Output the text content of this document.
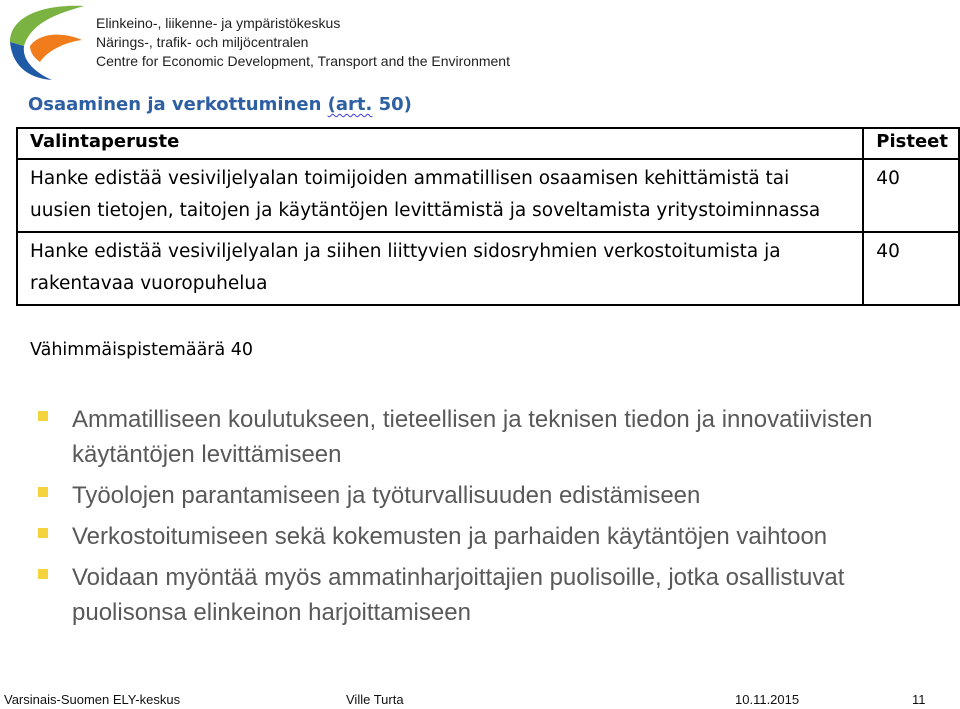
Elinkeino-, liikenne- ja ympäristökeskus
Närings-, trafik- och miljöcentralen
Centre for Economic Development, Transport and the Environment
Osaaminen ja verkottuminen (art. 50)
Valintaperuste	Pisteet
Hanke edistää vesiviljelyalan toimijoiden ammatillisen osaamisen kehittämistä tai uusien tietojen, taitojen ja käytäntöjen levittämistä ja soveltamista yritystoiminnassa	40
Hanke edistää vesiviljelyalan ja siihen liittyvien sidosryhmien verkostoitumista ja rakentavaa vuoropuhelua	40
Vähimmäispistemäärä 40
Ammatilliseen koulutukseen, tieteellisen ja teknisen tiedon ja innovatiivisten käytäntöjen levittämiseen
Työolojen parantamiseen ja työturvallisuuden edistämiseen
Verkostoitumiseen sekä kokemusten ja parhaiden käytäntöjen vaihtoon
Voidaan myöntää myös ammatinharjoittajien puolisoille, jotka osallistuvat puolisonsa elinkeinon harjoittamiseen
Varsinais-Suomen ELY-keskus	Ville Turta	10.11.2015	11
